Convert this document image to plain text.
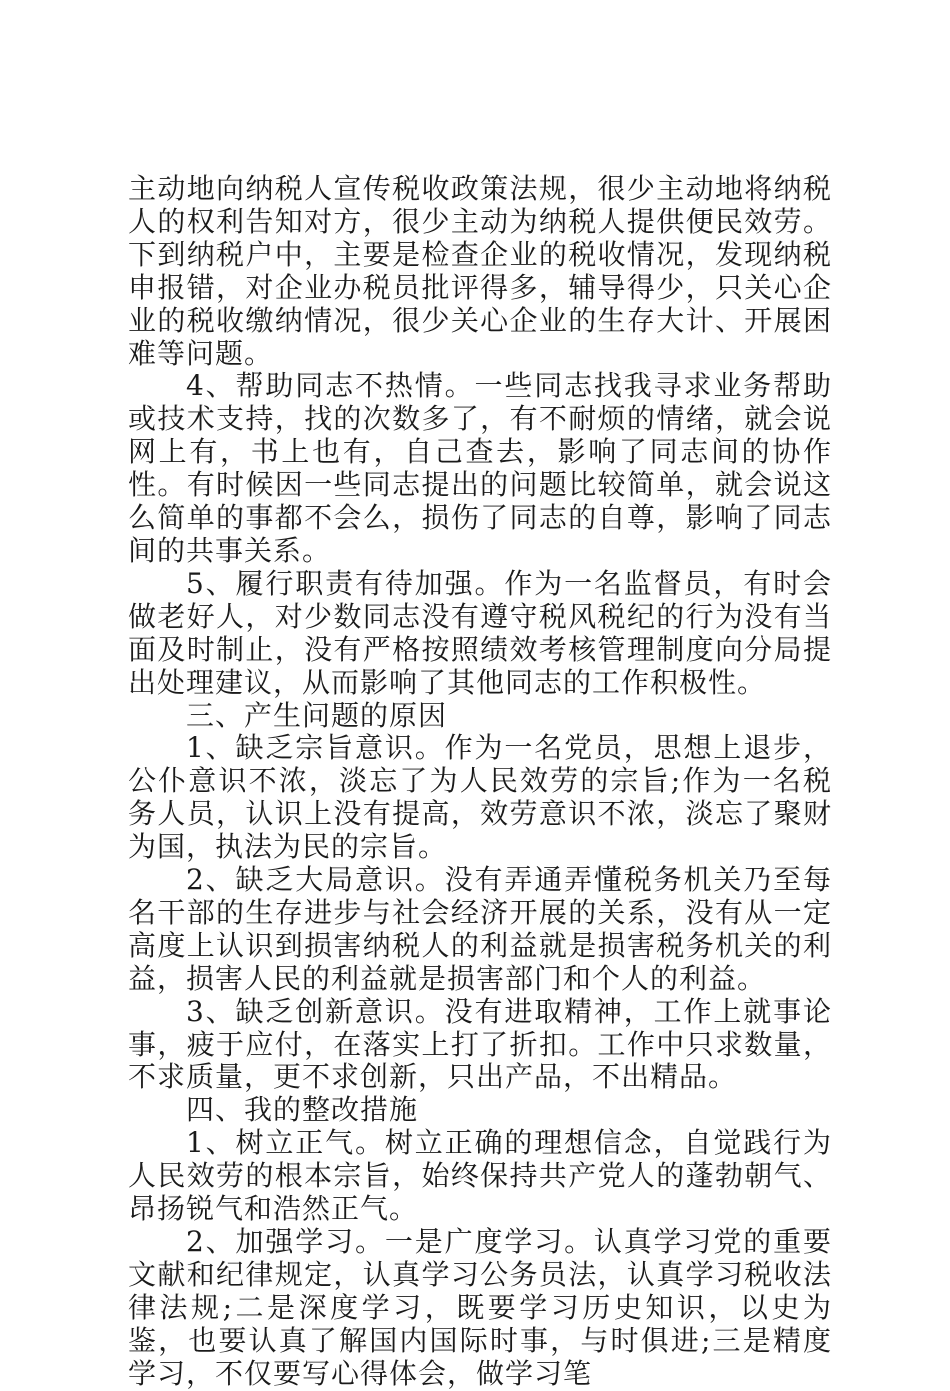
主动地向纳税人宣传税收政策法规，很少主动地将纳税人的权利告知对方，很少主动为纳税人提供便民效劳。下到纳税户中，主要是检查企业的税收情况，发现纳税申报错，对企业办税员批评得多，辅导得少，只关心企业的税收缴纳情况，很少关心企业的生存大计、开展困难等问题。

4、帮助同志不热情。一些同志找我寻求业务帮助或技术支持，找的次数多了，有不耐烦的情绪，就会说网上有，书上也有，自己查去，影响了同志间的协作性。有时候因一些同志提出的问题比较简单，就会说这么简单的事都不会么，损伤了同志的自尊，影响了同志间的共事关系。

5、履行职责有待加强。作为一名监督员，有时会做老好人，对少数同志没有遵守税风税纪的行为没有当面及时制止，没有严格按照绩效考核管理制度向分局提出处理建议，从而影响了其他同志的工作积极性。

三、产生问题的原因

1、缺乏宗旨意识。作为一名党员，思想上退步，公仆意识不浓，淡忘了为人民效劳的宗旨;作为一名税务人员，认识上没有提高，效劳意识不浓，淡忘了聚财为国，执法为民的宗旨。

2、缺乏大局意识。没有弄通弄懂税务机关乃至每名干部的生存进步与社会经济开展的关系，没有从一定高度上认识到损害纳税人的利益就是损害税务机关的利益，损害人民的利益就是损害部门和个人的利益。

3、缺乏创新意识。没有进取精神，工作上就事论事，疲于应付，在落实上打了折扣。工作中只求数量，不求质量，更不求创新，只出产品，不出精品。

四、我的整改措施

1、树立正气。树立正确的理想信念，自觉践行为人民效劳的根本宗旨，始终保持共产党人的蓬勃朝气、昂扬锐气和浩然正气。

2、加强学习。一是广度学习。认真学习党的重要文献和纪律规定，认真学习公务员法，认真学习税收法律法规;二是深度学习，既要学习历史知识，以史为鉴，也要认真了解国内国际时事，与时俱进;三是精度学习，不仅要写心得体会，做学习笔
